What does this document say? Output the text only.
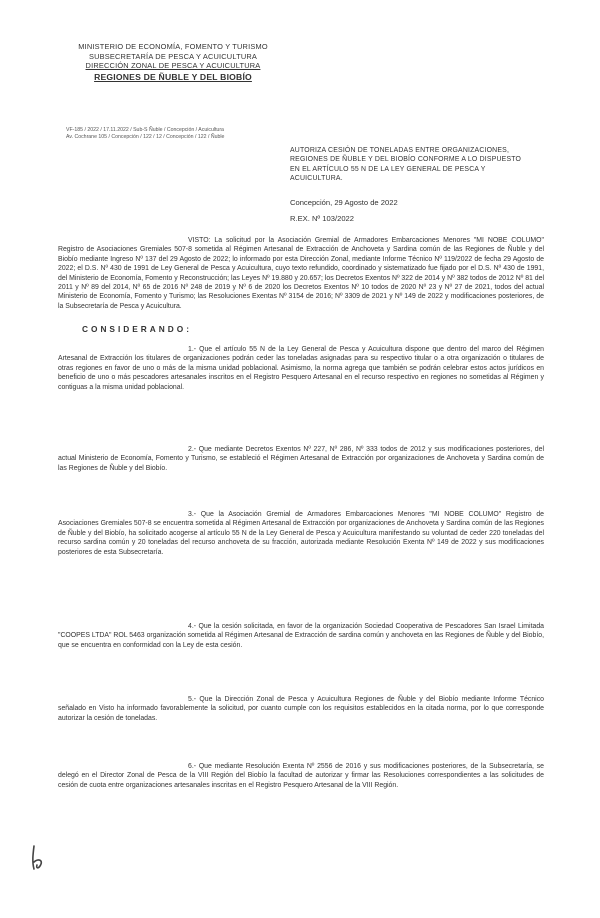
MINISTERIO DE ECONOMÍA, FOMENTO Y TURISMO
SUBSECRETARÍA DE PESCA Y ACUICULTURA
DIRECCIÓN ZONAL DE PESCA Y ACUICULTURA
REGIONES DE ÑUBLE Y DEL BIOBÍO
VF-185 / 2022 / 17.11.2022 / Sub-S Ñuble / Concepción / Acuicultura
Av. Cochrane 105 / Concepción / 122 / 12 / Concepción / 122 / Ñuble
AUTORIZA CESIÓN DE TONELADAS ENTRE ORGANIZACIONES, REGIONES DE ÑUBLE Y DEL BIOBÍO CONFORME A LO DISPUESTO EN EL ARTÍCULO 55 N DE LA LEY GENERAL DE PESCA Y ACUICULTURA.
Concepción, 29 Agosto de 2022
R.EX. Nº 103/2022
VISTO: La solicitud por la Asociación Gremial de Armadores Embarcaciones Menores "MI NOBE COLUMO" Registro de Asociaciones Gremiales 507-8 sometida al Régimen Artesanal de Extracción de Anchoveta y Sardina común de las Regiones de Ñuble y del Biobío mediante Ingreso Nº 137 del 29 Agosto de 2022; lo informado por esta Dirección Zonal, mediante Informe Técnico Nº 119/2022 de fecha 29 Agosto de 2022; el D.S. Nº 430 de 1991 de Ley General de Pesca y Acuicultura, cuyo texto refundido, coordinado y sistematizado fue fijado por el D.S. Nº 430 de 1991, del Ministerio de Economía, Fomento y Reconstrucción; las Leyes Nº 19.880 y 20.657; los Decretos Exentos Nº 322 de 2014 y Nº 382 todos de 2012 Nº 81 del 2011 y Nº 89 del 2014, Nº 65 de 2016 Nº 248 de 2019 y Nº 6 de 2020 los Decretos Exentos Nº 10 todos de 2020 Nº 23 y Nº 27 de 2021, todos del actual Ministerio de Economía, Fomento y Turismo; las Resoluciones Exentas Nº 3154 de 2016; Nº 3309 de 2021 y Nº 149 de 2022 y modificaciones posteriores, de la Subsecretaría de Pesca y Acuicultura.
CONSIDERANDO:
1.- Que el artículo 55 N de la Ley General de Pesca y Acuicultura dispone que dentro del marco del Régimen Artesanal de Extracción los titulares de organizaciones podrán ceder las toneladas asignadas para su respectivo titular o a otra organización o titulares de otras regiones en favor de uno o más de la misma unidad poblacional. Asimismo, la norma agrega que también se podrán celebrar estos actos jurídicos en beneficio de uno o más pescadores artesanales inscritos en el Registro Pesquero Artesanal en el recurso respectivo en regiones no sometidas al Régimen y contiguas a la misma unidad poblacional.
2.- Que mediante Decretos Exentos Nº 227, Nº 286, Nº 333 todos de 2012 y sus modificaciones posteriores, del actual Ministerio de Economía, Fomento y Turismo, se estableció el Régimen Artesanal de Extracción por organizaciones de Anchoveta y Sardina común de las Regiones de Ñuble y del Biobío.
3.- Que la Asociación Gremial de Armadores Embarcaciones Menores "MI NOBE COLUMO" Registro de Asociaciones Gremiales 507-8 se encuentra sometida al Régimen Artesanal de Extracción por organizaciones de Anchoveta y Sardina común de las Regiones de Ñuble y del Biobío, ha solicitado acogerse al artículo 55 N de la Ley General de Pesca y Acuicultura manifestando su voluntad de ceder 220 toneladas del recurso sardina común y 20 toneladas del recurso anchoveta de su fracción, autorizada mediante Resolución Exenta Nº 149 de 2022 y sus modificaciones posteriores de esta Subsecretaría.
4.- Que la cesión solicitada, en favor de la organización Sociedad Cooperativa de Pescadores San Israel Limitada "COOPES LTDA" ROL 5463 organización sometida al Régimen Artesanal de Extracción de sardina común y anchoveta en las Regiones de Ñuble y del Biobío, que se encuentra en conformidad con la Ley de esta cesión.
5.- Que la Dirección Zonal de Pesca y Acuicultura Regiones de Ñuble y del Biobío mediante Informe Técnico señalado en Visto ha informado favorablemente la solicitud, por cuanto cumple con los requisitos establecidos en la citada norma, por lo que corresponde autorizar la cesión de toneladas.
6.- Que mediante Resolución Exenta Nº 2556 de 2016 y sus modificaciones posteriores, de la Subsecretaría, se delegó en el Director Zonal de Pesca de la VIII Región del Biobío la facultad de autorizar y firmar las Resoluciones correspondientes a las solicitudes de cesión de cuota entre organizaciones artesanales inscritas en el Registro Pesquero Artesanal de la VIII Región.
